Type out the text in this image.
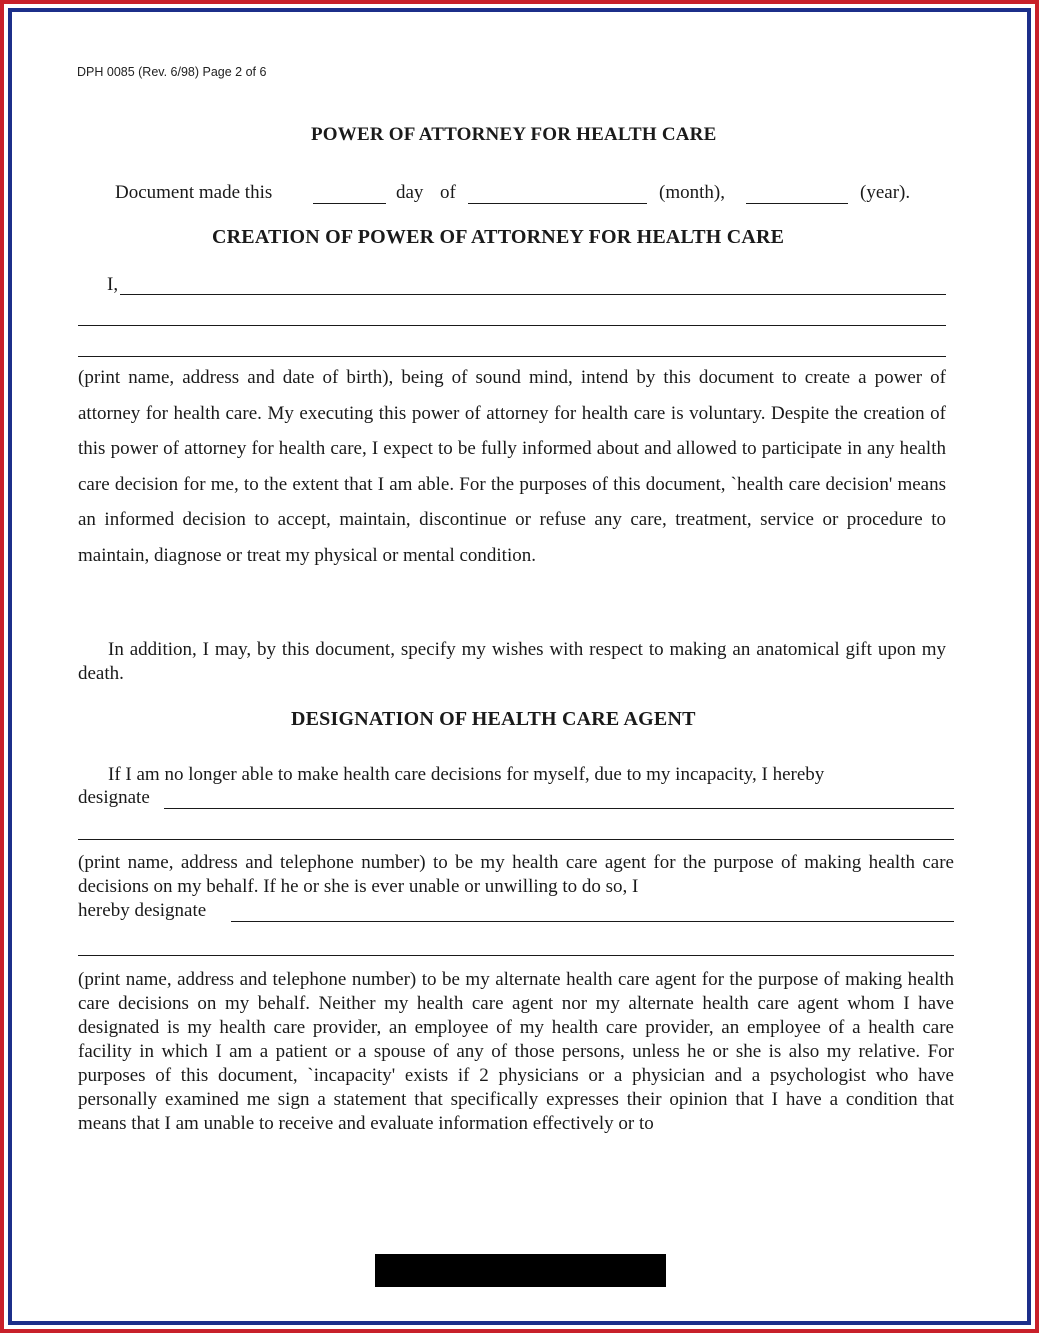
DPH 0085 (Rev. 6/98) Page 2 of 6
POWER OF ATTORNEY FOR HEALTH CARE
Document made this	day of	(month),	(year).
CREATION OF POWER OF ATTORNEY FOR HEALTH CARE
I,
(print name, address and date of birth), being of sound mind, intend by this document to create a power of attorney for health care. My executing this power of attorney for health care is voluntary. Despite the creation of this power of attorney for health care, I expect to be fully informed about and allowed to participate in any health care decision for me, to the extent that I am able. For the purposes of this document, `health care decision' means an informed decision to accept, maintain, discontinue or refuse any care, treatment, service or procedure to maintain, diagnose or treat my physical or mental condition.
In addition, I may, by this document, specify my wishes with respect to making an anatomical gift upon my death.
DESIGNATION OF HEALTH CARE AGENT
If I am no longer able to make health care decisions for myself, due to my incapacity, I hereby
designate
(print name, address and telephone number) to be my health care agent for the purpose of making health care decisions on my behalf. If he or she is ever unable or unwilling to do so, I
hereby designate
(print name, address and telephone number) to be my alternate health care agent for the purpose of making health care decisions on my behalf. Neither my health care agent nor my alternate health care agent whom I have designated is my health care provider, an employee of my health care provider, an employee of a health care facility in which I am a patient or a spouse of any of those persons, unless he or she is also my relative. For purposes of this document, `incapacity' exists if 2 physicians or a physician and a psychologist who have personally examined me sign a statement that specifically expresses their opinion that I have a condition that means that I am unable to receive and evaluate information effectively or to
